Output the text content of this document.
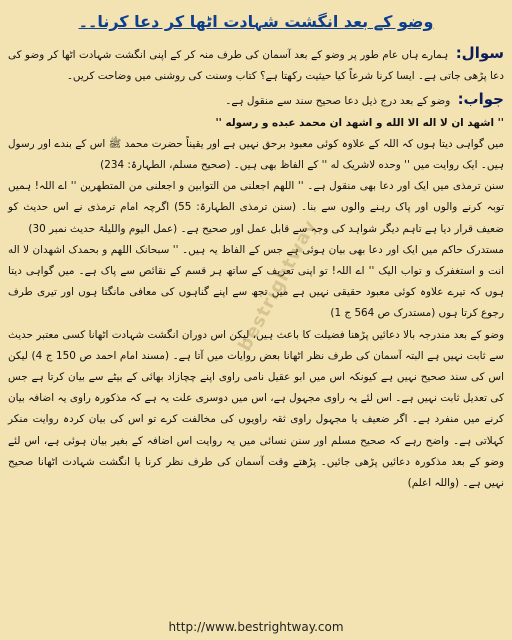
وضو کے بعد انگشت شہادت اٹھا کر دعا کرنا۔۔

سوال: ہمارے ہاں عام طور پر وضو کے بعد آسمان کی طرف منہ کر کے اپنی انگشت شہادت اٹھا کر وضو کی دعا پڑھی جاتی ہے۔ ایسا کرنا شرعاً کیا حیثیت رکھتا ہے؟ کتاب وسنت کی روشنی میں وضاحت کریں۔

جواب: وضو کے بعد درج ذیل دعا صحیح سند سے منقول ہے۔

'' اشهد ان لا اله الا الله و اشهد ان محمد عبده و رسوله ''

میں گواہی دیتا ہوں کہ اللہ کے علاوہ کوئی معبود برحق نہیں ہے اور یقیناً حضرت محمد ﷺ اس کے بندے اور رسول ہیں۔ ایک روایت میں '' وحده لاشریک له '' کے الفاظ بھی ہیں۔ (صحیح مسلم، الطہارۃ: 234)

سنن ترمذی میں ایک اور دعا بھی منقول ہے۔ '' اللهم اجعلنی من التوابين و اجعلنی من المتطهرين '' اے اللہ! ہمیں توبہ کرنے والوں اور پاک رہنے والوں سے بنا۔ (سنن ترمذی الطہارۃ: 55) اگرچہ امام ترمذی نے اس حدیث کو ضعیف قرار دیا ہے تاہم دیگر شواہد کی وجہ سے قابل عمل اور صحیح ہے۔ (عمل الیوم واللیلۃ حدیث نمبر 30)

مستدرک حاکم میں ایک اور دعا بھی بیان ہوئی ہے جس کے الفاظ یہ ہیں۔ '' سبحانک اللهم و بحمدک اشهدان لا اله انت و استغفرک و تواب الیک '' اے اللہ! تو اپنی تعریف کے ساتھ ہر قسم کے نقائص سے پاک ہے۔ میں گواہی دیتا ہوں کہ تیرے علاوہ کوئی معبود حقیقی نہیں ہے میں تجھ سے اپنے گناہوں کی معافی مانگتا ہوں اور تیری طرف رجوع کرتا ہوں (مستدرک ص 564 ج 1)

وضو کے بعد مندرجہ بالا دعائیں پڑھنا فضیلت کا باعث ہیں، لیکن اس دوران انگشت شہادت اٹھانا کسی معتبر حدیث سے ثابت نہیں ہے البتہ آسمان کی طرف نظر اٹھانا بعض روایات میں آتا ہے۔ (مسند امام احمد ص 150 ج 4) لیکن اس کی سند صحیح نہیں ہے کیونکہ اس میں ابو عقیل نامی راوی اپنے چچازاد بھائی کے بیٹے سے بیان کرتا ہے جس کی تعدیل ثابت نہیں ہے۔ اس لئے یہ راوی مجہول ہے، اس میں دوسری علت یہ ہے کہ مذکورہ راوی یہ اضافہ بیان کرنے میں منفرد ہے۔ اگر ضعیف یا مجہول راوی ثقہ راویوں کی مخالفت کرے تو اس کی بیان کردہ روایت منکر کہلاتی ہے۔ واضح رہے کہ صحیح مسلم اور سنن نسائی میں یہ روایت اس اضافہ کے بغیر بیان ہوئی ہے، اس لئے وضو کے بعد مذکورہ دعائیں پڑھی جائیں۔ پڑھتے وقت آسمان کی طرف نظر کرنا یا انگشت شہادت اٹھانا صحیح نہیں ہے۔ (واللہ اعلم)

bestrightway
http://www.bestrightway.com
